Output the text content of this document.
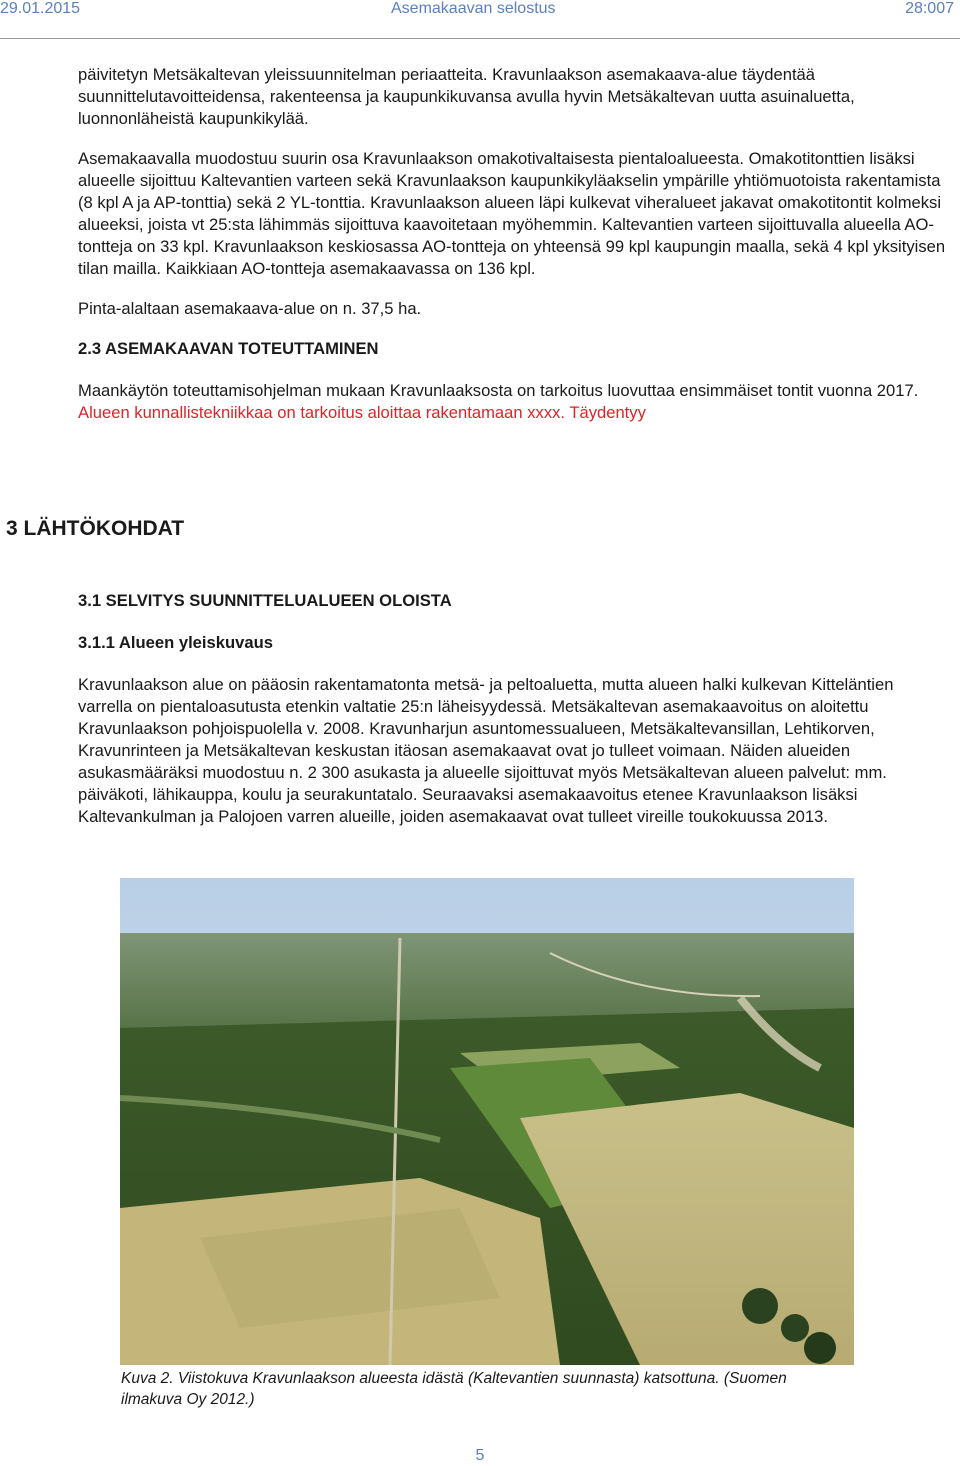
29.01.2015	Asemakaavan selostus	28:007

päivitetyn Metsäkaltevan yleissuunnitelman periaatteita. Kravunlaakson asemakaava-alue täydentää suunnittelutavoitteidensa, rakenteensa ja kaupunkikuvansa avulla hyvin Metsäkaltevan uutta asuinaluetta, luonnonläheistä kaupunkikylää.

Asemakaavalla muodostuu suurin osa Kravunlaakson omakotivaltaisesta pientaloalueesta. Omakotitonttien lisäksi alueelle sijoittuu Kaltevantien varteen sekä Kravunlaakson kaupunkikyläakselin ympärille yhtiömuotoista rakentamista (8 kpl A ja AP-tonttia) sekä 2 YL-tonttia. Kravunlaakson alueen läpi kulkevat viheralueet jakavat omakotitontit kolmeksi alueeksi, joista vt 25:sta lähimmäs sijoittuva kaavoitetaan myöhemmin. Kaltevantien varteen sijoittuvalla alueella AO-tontteja on 33 kpl. Kravunlaakson keskiosassa AO-tontteja on yhteensä 99 kpl kaupungin maalla, sekä 4 kpl yksityisen tilan mailla. Kaikkiaan AO-tontteja asemakaavassa on 136 kpl.

Pinta-alaltaan asemakaava-alue on n. 37,5 ha.

2.3 ASEMAKAAVAN TOTEUTTAMINEN

Maankäytön toteuttamisohjelman mukaan Kravunlaaksosta on tarkoitus luovuttaa ensimmäiset tontit vuonna 2017. Alueen kunnallistekniikkaa on tarkoitus aloittaa rakentamaan xxxx. Täydentyy

3 LÄHTÖKOHDAT
3.1 SELVITYS SUUNNITTELUALUEEN OLOISTA
3.1.1 Alueen yleiskuvaus

Kravunlaakson alue on pääosin rakentamatonta metsä- ja peltoaluetta, mutta alueen halki kulkevan Kitteläntien varrella on pientaloasutusta etenkin valtatie 25:n läheisyydessä. Metsäkaltevan asemakaavoitus on aloitettu Kravunlaakson pohjoispuolella v. 2008. Kravunharjun asuntomessualueen, Metsäkaltevansillan, Lehtikorven, Kravunrinteen ja Metsäkaltevan keskustan itäosan asemakaavat ovat jo tulleet voimaan. Näiden alueiden asukasmääräksi muodostuu n. 2 300 asukasta ja alueelle sijoittuvat myös Metsäkaltevan alueen palvelut: mm. päiväkoti, lähikauppa, koulu ja seurakuntatalo. Seuraavaksi asemakaavoitus etenee Kravunlaakson lisäksi Kaltevankulman ja Palojoen varren alueille, joiden asemakaavat ovat tulleet vireille toukokuussa 2013.

Kuva 2. Viistokuva Kravunlaakson alueesta idästä (Kaltevantien suunnasta) katsottuna. (Suomen ilmakuva Oy 2012.)
5
